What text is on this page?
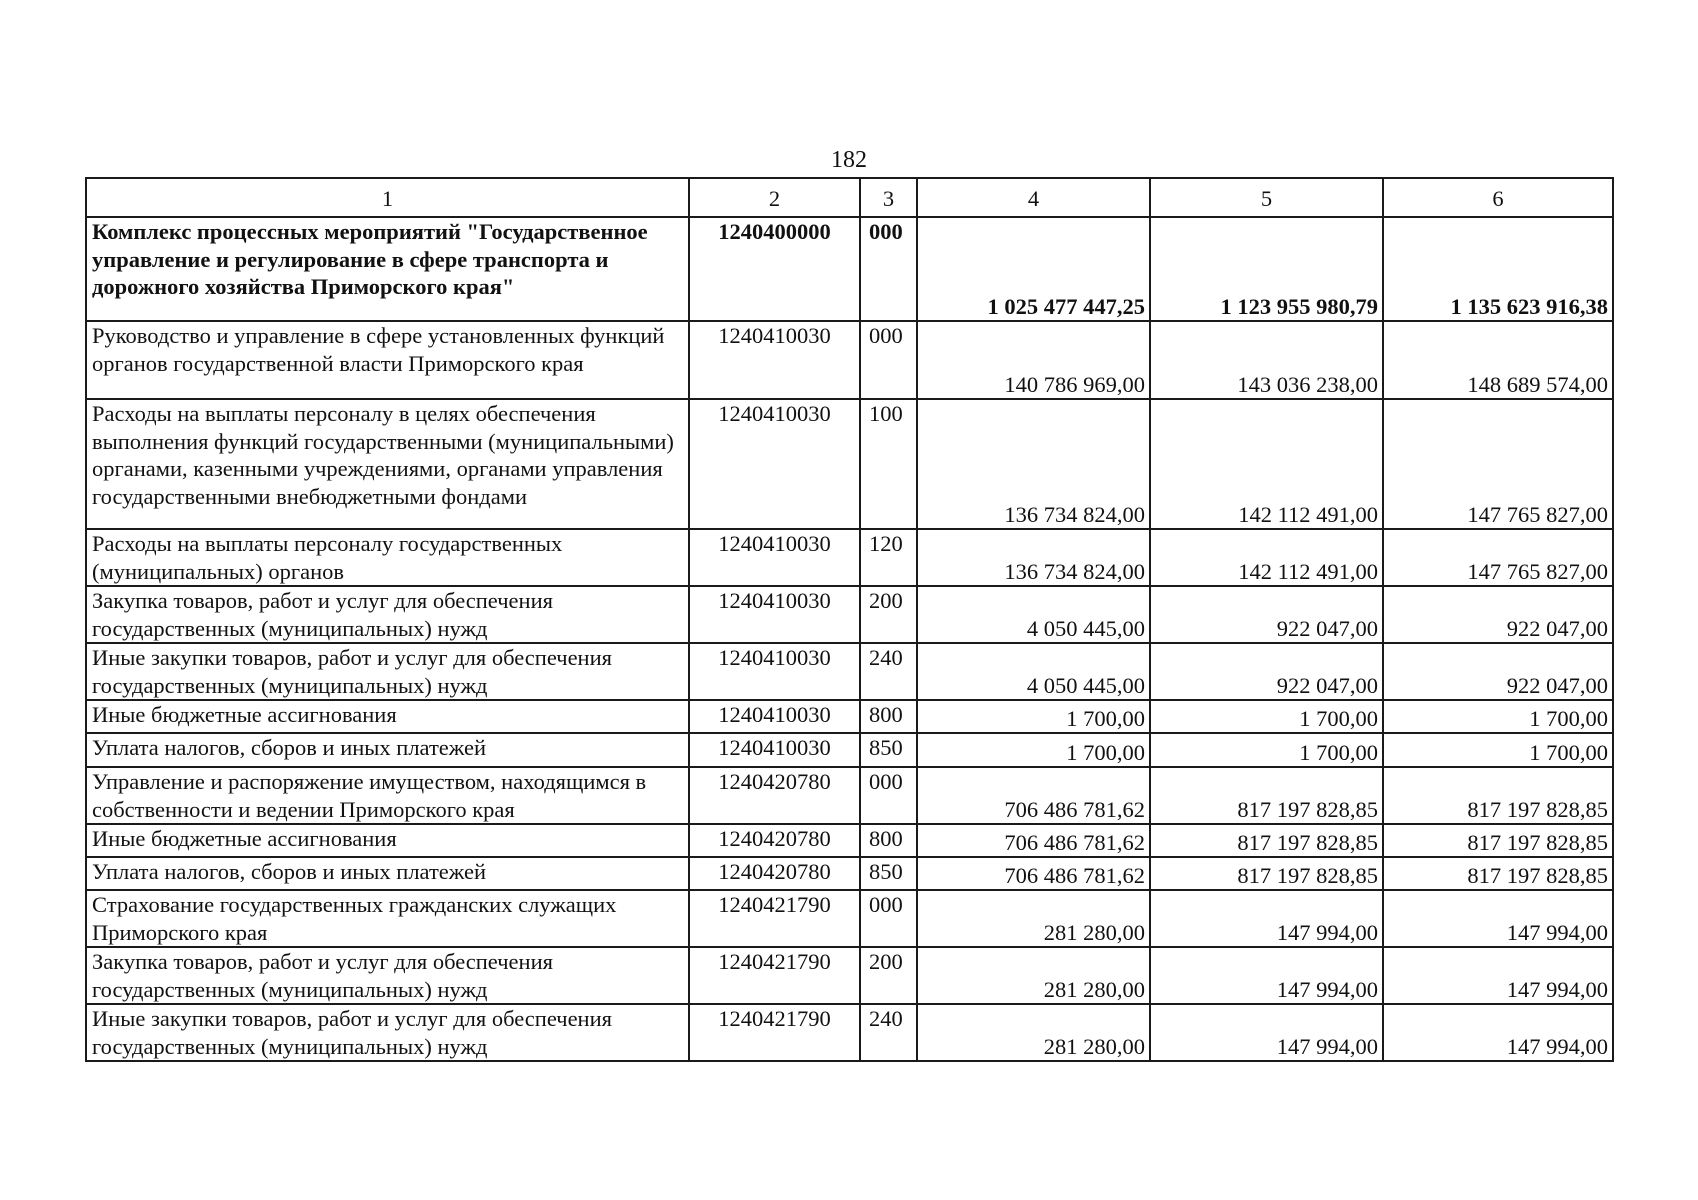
182
1	2	3	4	5	6
Комплекс процессных мероприятий "Государственное управление и регулирование в сфере транспорта и дорожного хозяйства Приморского края"	1240400000	000	1 025 477 447,25	1 123 955 980,79	1 135 623 916,38
Руководство и управление в сфере установленных функций органов государственной власти Приморского края	1240410030	000	140 786 969,00	143 036 238,00	148 689 574,00
Расходы на выплаты персоналу в целях обеспечения выполнения функций государственными (муниципальными) органами, казенными учреждениями, органами управления государственными внебюджетными фондами	1240410030	100	136 734 824,00	142 112 491,00	147 765 827,00
Расходы на выплаты персоналу государственных (муниципальных) органов	1240410030	120	136 734 824,00	142 112 491,00	147 765 827,00
Закупка товаров, работ и услуг для обеспечения государственных (муниципальных) нужд	1240410030	200	4 050 445,00	922 047,00	922 047,00
Иные закупки товаров, работ и услуг для обеспечения государственных (муниципальных) нужд	1240410030	240	4 050 445,00	922 047,00	922 047,00
Иные бюджетные ассигнования	1240410030	800	1 700,00	1 700,00	1 700,00
Уплата налогов, сборов и иных платежей	1240410030	850	1 700,00	1 700,00	1 700,00
Управление и распоряжение имуществом, находящимся в собственности и ведении Приморского края	1240420780	000	706 486 781,62	817 197 828,85	817 197 828,85
Иные бюджетные ассигнования	1240420780	800	706 486 781,62	817 197 828,85	817 197 828,85
Уплата налогов, сборов и иных платежей	1240420780	850	706 486 781,62	817 197 828,85	817 197 828,85
Страхование государственных гражданских служащих Приморского края	1240421790	000	281 280,00	147 994,00	147 994,00
Закупка товаров, работ и услуг для обеспечения государственных (муниципальных) нужд	1240421790	200	281 280,00	147 994,00	147 994,00
Иные закупки товаров, работ и услуг для обеспечения государственных (муниципальных) нужд	1240421790	240	281 280,00	147 994,00	147 994,00
